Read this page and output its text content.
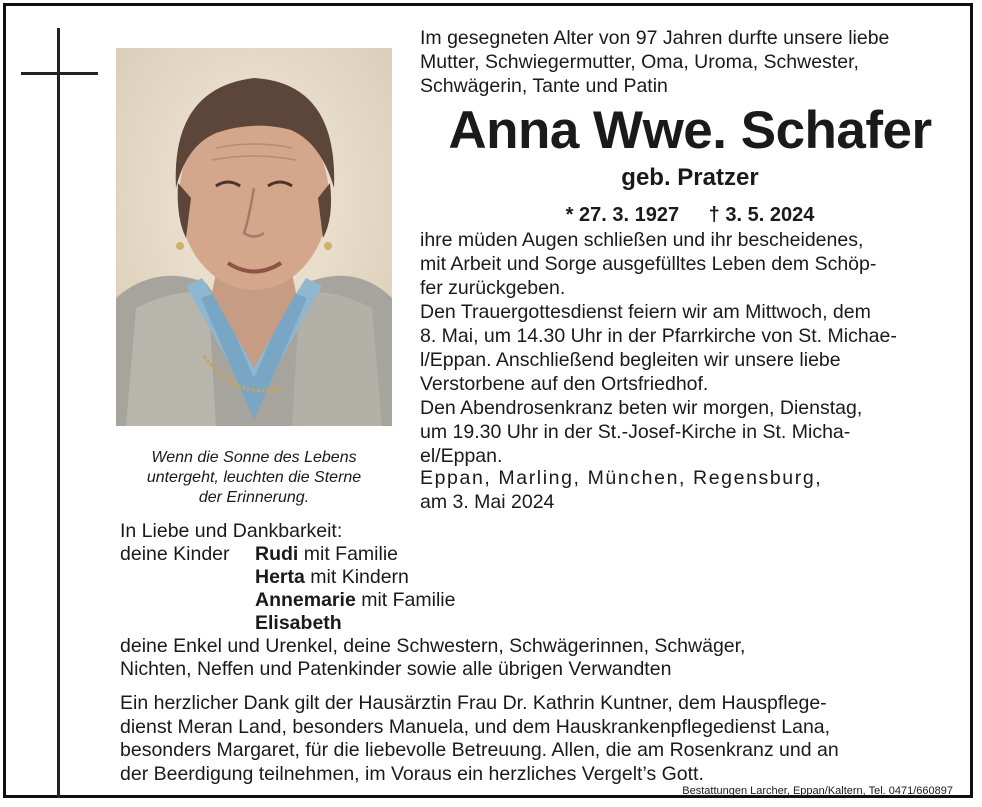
Wenn die Sonne des Lebens

untergeht, leuchten die Sterne

der Erinnerung.

Im gesegneten Alter von 97 Jahren durfte unsere liebe

Mutter, Schwiegermutter, Oma, Uroma, Schwester,

Schwägerin, Tante und Patin

Anna Wwe. Schafer
geb. Pratzer
* 27. 3. 1927 † 3. 5. 2024

ihre müden Augen schließen und ihr bescheidenes,

mit Arbeit und Sorge ausgefülltes Leben dem Schöp-

fer zurückgeben.

Den Trauergottesdienst feiern wir am Mittwoch, dem

8. Mai, um 14.30 Uhr in der Pfarrkirche von St. Michae-

l/Eppan. Anschließend begleiten wir unsere liebe

Verstorbene auf den Ortsfriedhof.

Den Abendrosenkranz beten wir morgen, Dienstag,

um 19.30 Uhr in der St.-Josef-Kirche in St. Micha-

el/Eppan.

Eppan, Marling, München, Regensburg,
am 3. Mai 2024

In Liebe und Dankbarkeit:

deine Kinder Rudi mit Familie
Herta mit Kindern
Annemarie mit Familie
Elisabeth

deine Enkel und Urenkel, deine Schwestern, Schwägerinnen, Schwäger,

Nichten, Neffen und Patenkinder sowie alle übrigen Verwandten

Ein herzlicher Dank gilt der Hausärztin Frau Dr. Kathrin Kuntner, dem Hauspflege-

dienst Meran Land, besonders Manuela, und dem Hauskrankenpflegedienst Lana,

besonders Margaret, für die liebevolle Betreuung. Allen, die am Rosenkranz und an

der Beerdigung teilnehmen, im Voraus ein herzliches Vergelt’s Gott.

Bestattungen Larcher, Eppan/Kaltern, Tel. 0471/660897
